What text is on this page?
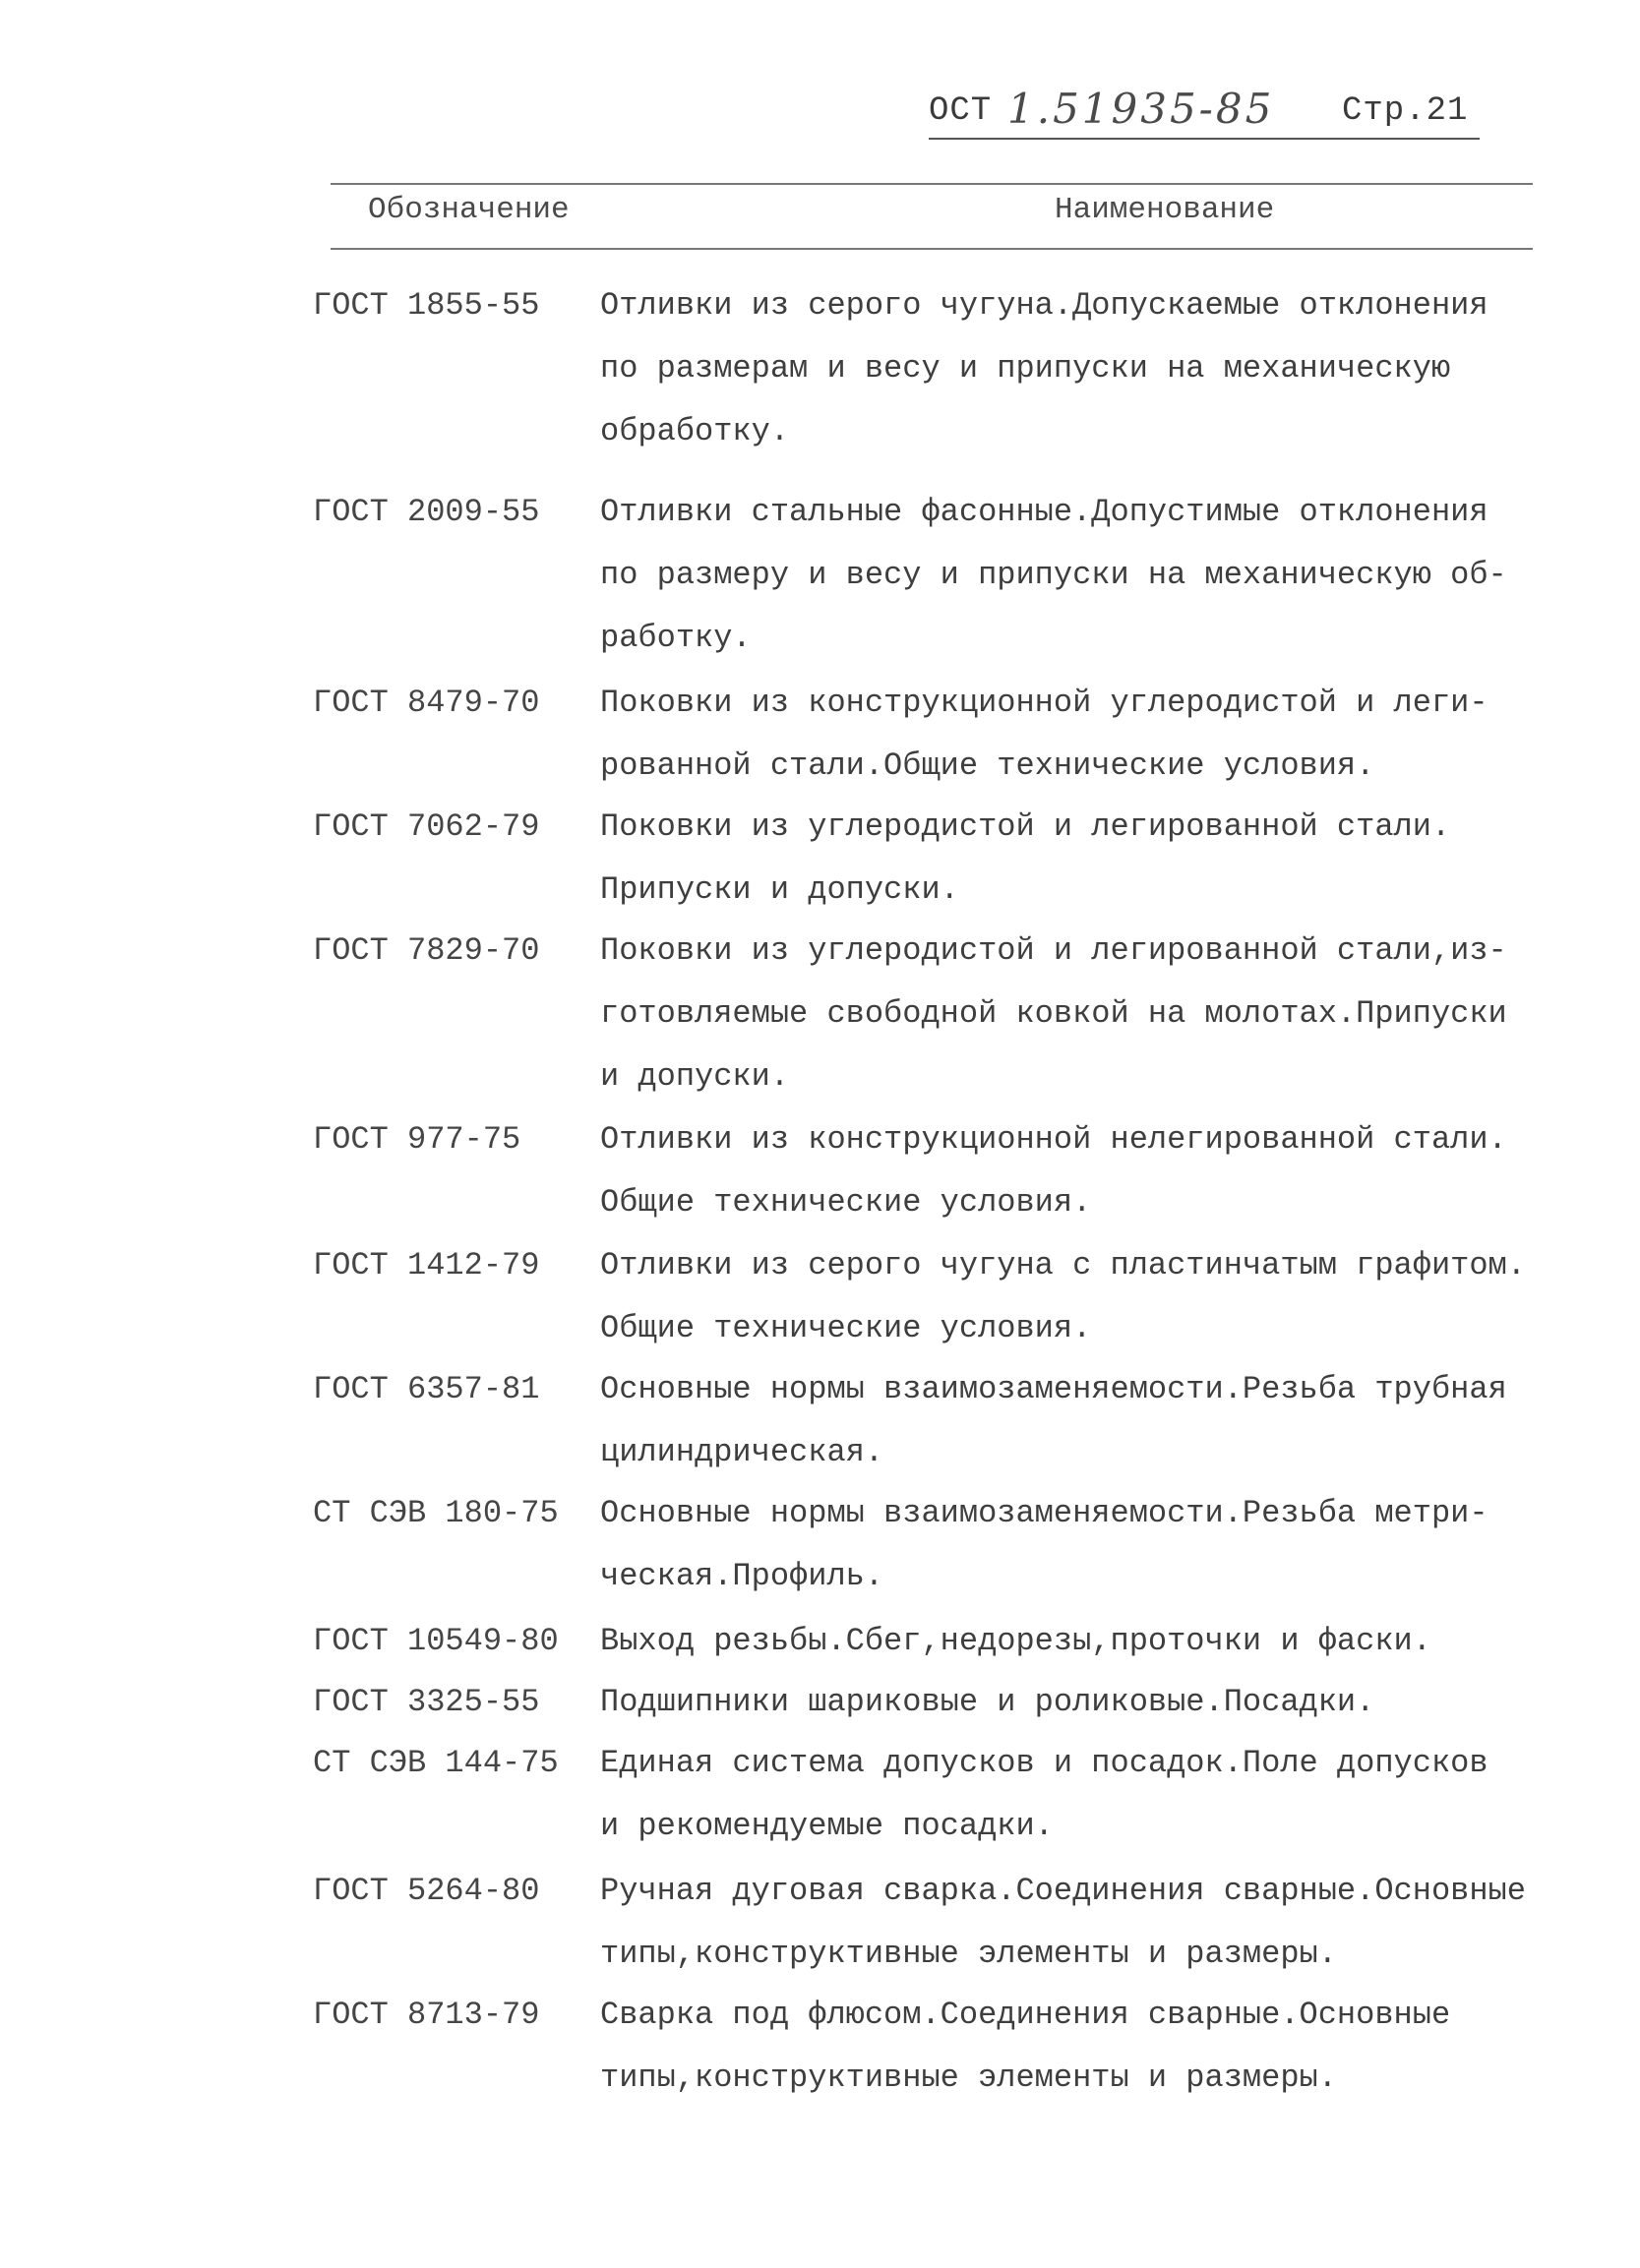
ОСТ 1.51935-85 Стр.21
Обозначение	Наименование
ГОСТ 1855-55 Отливки из серого чугуна.Допускаемые отклонения
по размерам и весу и припуски на механическую
обработку.
ГОСТ 2009-55 Отливки стальные фасонные.Допустимые отклонения
по размеру и весу и припуски на механическую об-
работку.
ГОСТ 8479-70 Поковки из конструкционной углеродистой и леги-
рованной стали.Общие технические условия.
ГОСТ 7062-79 Поковки из углеродистой и легированной стали.
Припуски и допуски.
ГОСТ 7829-70 Поковки из углеродистой и легированной стали,из-
готовляемые свободной ковкой на молотах.Припуски
и допуски.
ГОСТ 977-75	Отливки из конструкционной нелегированной стали.
Общие технические условия.
ГОСТ 1412-79 Отливки из серого чугуна с пластинчатым графитом.
Общие технические условия.
ГОСТ 6357-81 Основные нормы взаимозаменяемости.Резьба трубная
цилиндрическая.
СТ СЭВ 180-75 Основные нормы взаимозаменяемости.Резьба метри-
ческая.Профиль.
ГОСТ 10549-80 Выход резьбы.Сбег,недорезы,проточки и фаски.
ГОСТ 3325-55 Подшипники шариковые и роликовые.Посадки.
СТ СЭВ 144-75 Единая система допусков и посадок.Поле допусков
и рекомендуемые посадки.
ГОСТ 5264-80 Ручная дуговая сварка.Соединения сварные.Основные
типы,конструктивные элементы и размеры.
ГОСТ 8713-79 Сварка под флюсом.Соединения сварные.Основные
типы,конструктивные элементы и размеры.
